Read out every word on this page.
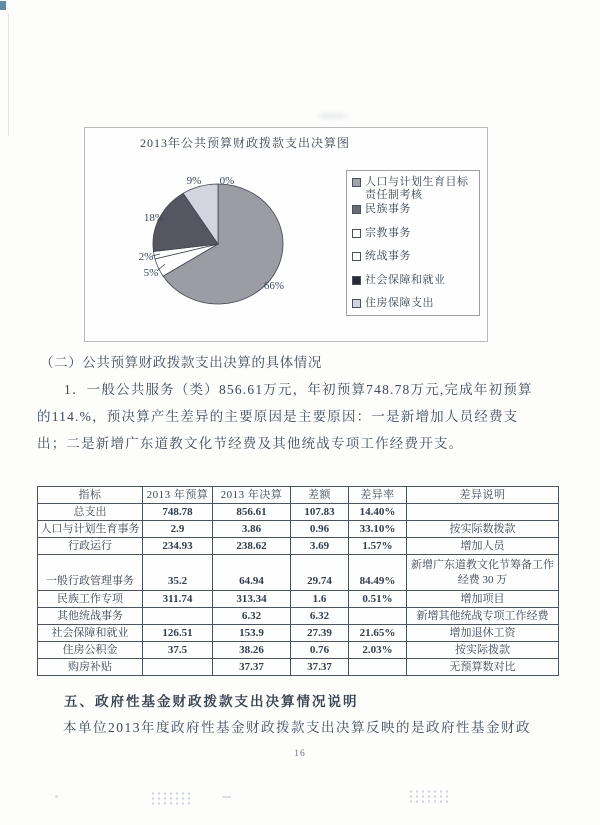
0%
66%
5%
2%
18%
9%
2013年公共预算财政拨款支出决算图
人口与计划生育目标责任制考核
民族事务
宗教事务
统战事务
社会保障和就业
住房保障支出
（二）公共预算财政拨款支出决算的具体情况
1．一般公共服务（类）856.61万元，年初预算748.78万元,完成年初预算
的114.%，预决算产生差异的主要原因是主要原因：一是新增加人员经费支
出；二是新增广东道教文化节经费及其他统战专项工作经费开支。
指标	2013 年预算	2013 年决算	差额	差异率	差异说明
总支出	748.78	856.61	107.83	14.40%	
人口与计划生育事务	2.9	3.86	0.96	33.10%	按实际数拨款
行政运行	234.93	238.62	3.69	1.57%	增加人员
一般行政管理事务	35.2	64.94	29.74	84.49%	新增广东道教文化节筹备工作经费 30 万
民族工作专项	311.74	313.34	1.6	0.51%	增加项目
其他统战事务		6.32	6.32		新增其他统战专项工作经费
社会保障和就业	126.51	153.9	27.39	21.65%	增加退休工资
住房公积金	37.5	38.26	0.76	2.03%	按实际拨款
购房补贴		37.37	37.37		无预算数对比
五、政府性基金财政拨款支出决算情况说明
本单位2013年度政府性基金财政拨款支出决算反映的是政府性基金财政
16
